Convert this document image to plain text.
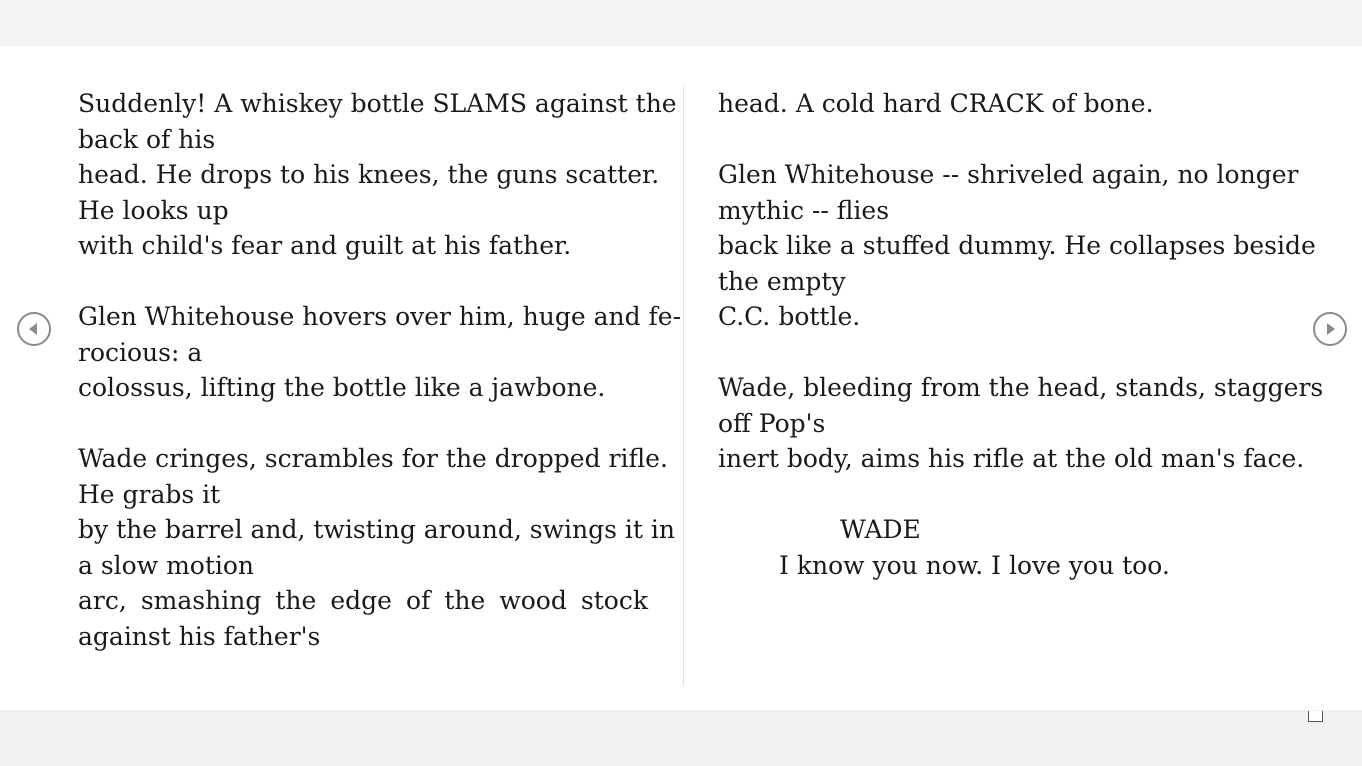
Suddenly! A whiskey bottle SLAMS against the
back of his
head. He drops to his knees, the guns scatter.
He looks up
with child's fear and guilt at his father.
Glen Whitehouse hovers over him, huge and fe-
rocious: a
colossus, lifting the bottle like a jawbone.
Wade cringes, scrambles for the dropped rifle.
He grabs it
by the barrel and, twisting around, swings it in
a slow motion
arc, smashing the edge of the wood stock
against his father's
head. A cold hard CRACK of bone.
Glen Whitehouse -- shriveled again, no longer
mythic -- flies
back like a stuffed dummy. He collapses beside
the empty
C.C. bottle.
Wade, bleeding from the head, stands, staggers
off Pop's
inert body, aims his rifle at the old man's face.
WADE
I know you now. I love you too.
